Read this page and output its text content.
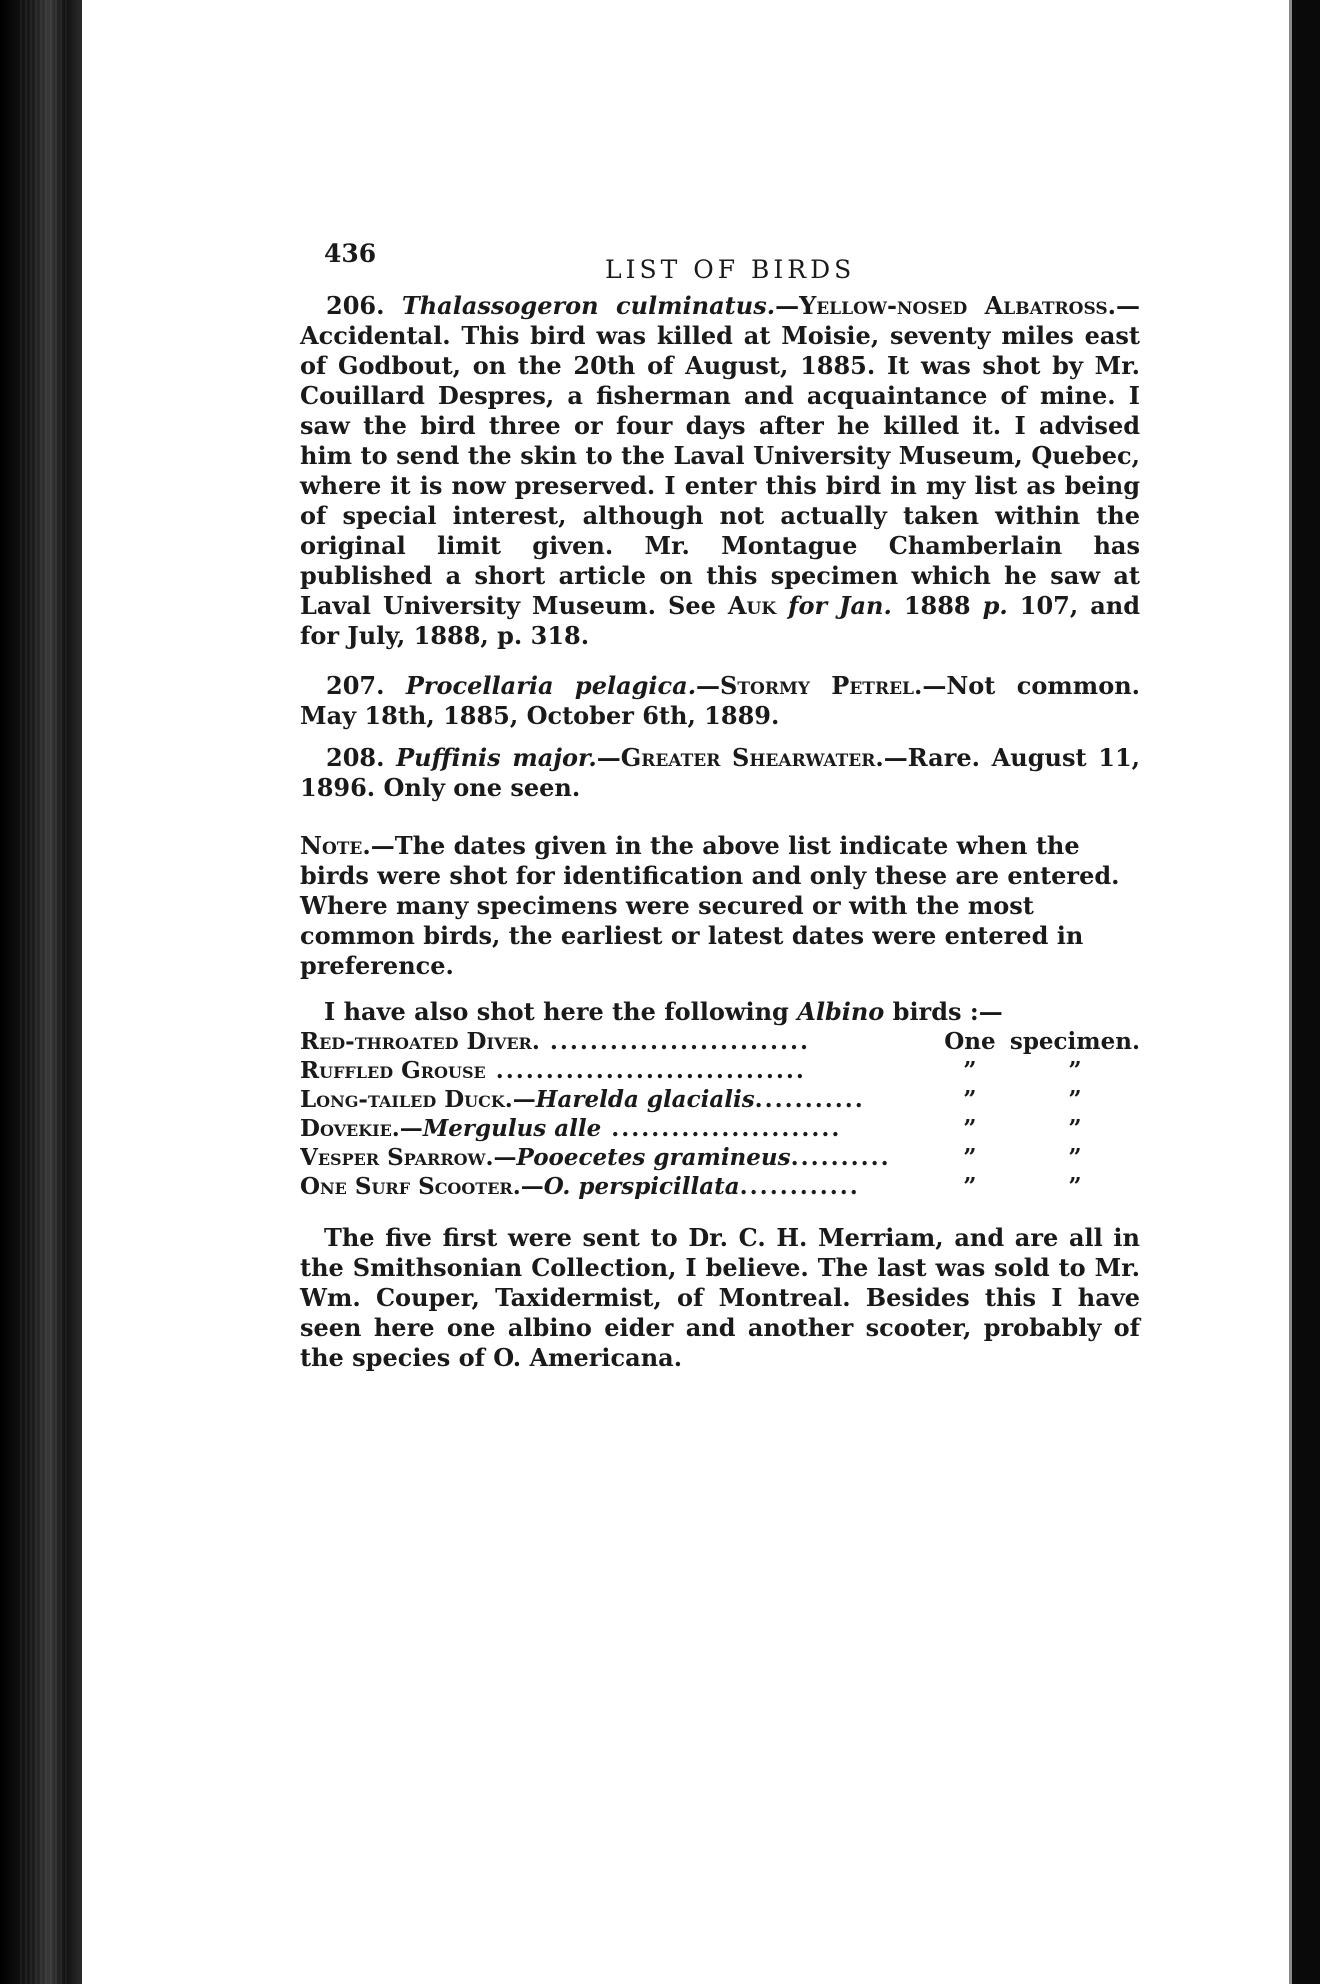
436
LIST OF BIRDS

206. Thalassogeron culminatus.—Yellow-nosed Albatross.—Accidental. This bird was killed at Moisie, seventy miles east of Godbout, on the 20th of August, 1885. It was shot by Mr. Couillard Despres, a fisherman and acquaintance of mine. I saw the bird three or four days after he killed it. I advised him to send the skin to the Laval University Museum, Quebec, where it is now preserved. I enter this bird in my list as being of special interest, although not actually taken within the original limit given. Mr. Montague Chamberlain has published a short article on this specimen which he saw at Laval University Museum. See Auk for Jan. 1888 p. 107, and for July, 1888, p. 318.

207. Procellaria pelagica.—Stormy Petrel.—Not common. May 18th, 1885, October 6th, 1889.

208. Puffinis major.—Greater Shearwater.—Rare. August 11, 1896. Only one seen.

Note.—The dates given in the above list indicate when the birds were shot for identification and only these are entered. Where many specimens were secured or with the most common birds, the earliest or latest dates were entered in preference.

I have also shot here the following Albino birds :—

Red-throated Diver. ..........................	One	specimen.
Ruffled Grouse ...............................	”	”
Long-tailed Duck.—Harelda glacialis...........	”	”
Dovekie.—Mergulus alle .......................	”	”
Vesper Sparrow.—Pooecetes gramineus..........	”	”
One Surf Scooter.—O. perspicillata............	”	”

The five first were sent to Dr. C. H. Merriam, and are all in the Smithsonian Collection, I believe. The last was sold to Mr. Wm. Couper, Taxidermist, of Montreal. Besides this I have seen here one albino eider and another scooter, probably of the species of O. Americana.
